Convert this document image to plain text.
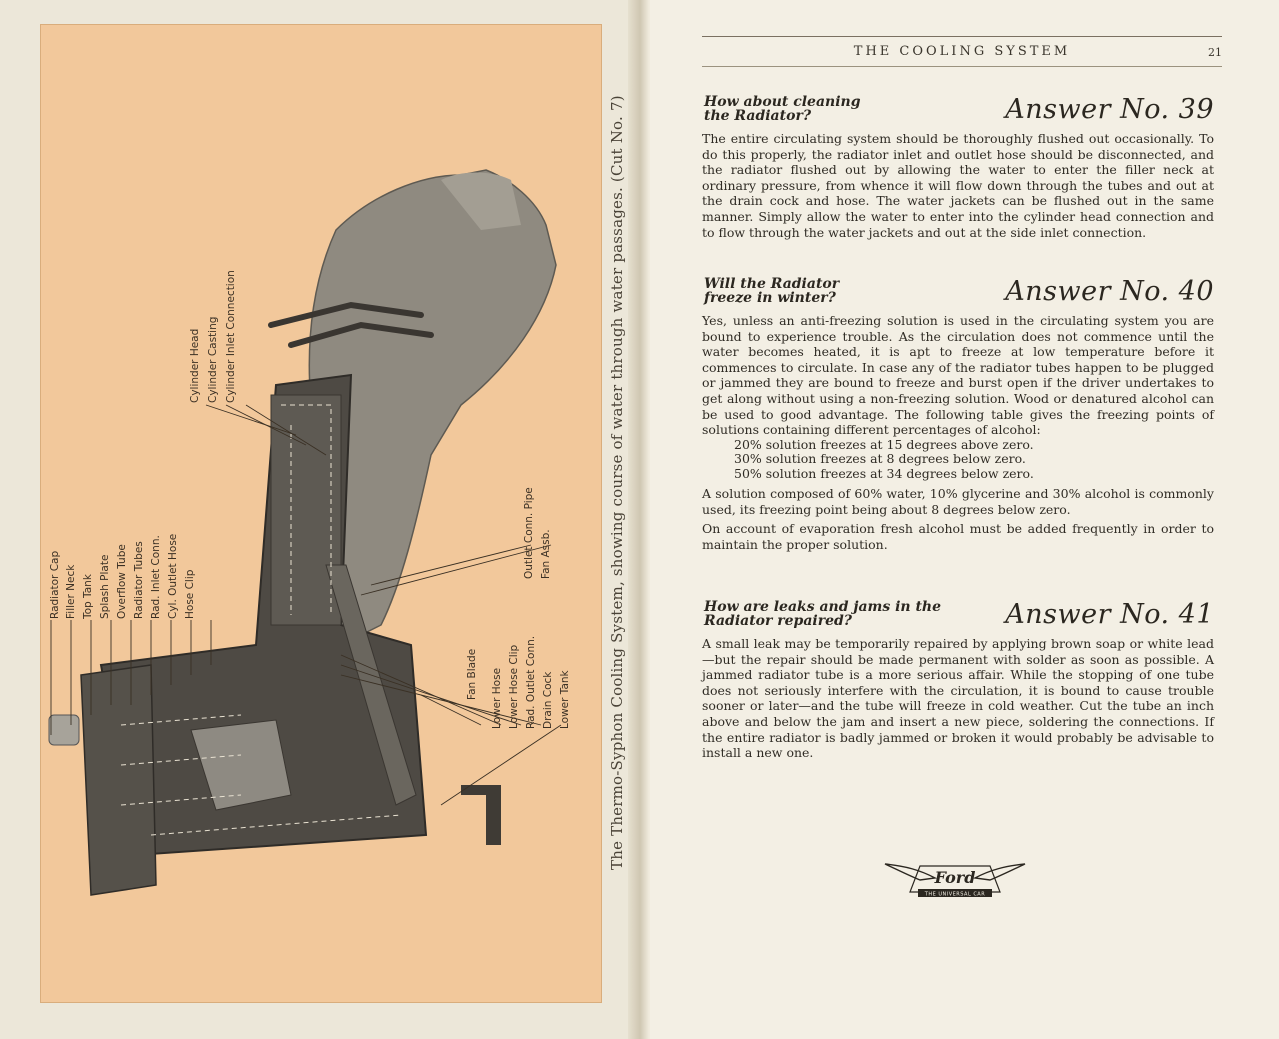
Radiator Cap Filler Neck Top Tank Splash Plate Overflow Tube Radiator Tubes Rad. Inlet Conn. Cyl. Outlet Hose Hose Clip
Cylinder Head Cylinder Casting Cylinder Inlet Connection
Fan Blade Lower Hose Lower Hose Clip Rad. Outlet Conn. Drain Cock Lower Tank
Outlet Conn. Pipe Fan Assb.	The Thermo-Syphon Cooling System, showing course of water through water passages. (Cut No. 7)
THE COOLING SYSTEM	21
How about cleaning
the Radiator?	Answer No. 39

The entire circulating system should be thoroughly flushed out occasionally. To do this properly, the radiator inlet and outlet hose should be disconnected, and the radiator flushed out by allowing the water to enter the filler neck at ordinary pressure, from whence it will flow down through the tubes and out at the drain cock and hose. The water jackets can be flushed out in the same manner. Simply allow the water to enter into the cylinder head connection and to flow through the water jackets and out at the side inlet connection.

Will the Radiator
freeze in winter?	Answer No. 40

Yes, unless an anti-freezing solution is used in the circulating system you are bound to experience trouble. As the circulation does not commence until the water becomes heated, it is apt to freeze at low temperature before it commences to circulate. In case any of the radiator tubes happen to be plugged or jammed they are bound to freeze and burst open if the driver undertakes to get along without using a non-freezing solution. Wood or denatured alcohol can be used to good advantage. The following table gives the freezing points of solutions containing different percentages of alcohol:

20% solution freezes at 15 degrees above zero.
30% solution freezes at 8 degrees below zero.
50% solution freezes at 34 degrees below zero.

A solution composed of 60% water, 10% glycerine and 30% alcohol is commonly used, its freezing point being about 8 degrees below zero.

On account of evaporation fresh alcohol must be added frequently in order to maintain the proper solution.

How are leaks and jams in the
Radiator repaired?	Answer No. 41

A small leak may be temporarily repaired by applying brown soap or white lead—but the repair should be made permanent with solder as soon as possible. A jammed radiator tube is a more serious affair. While the stopping of one tube does not seriously interfere with the circulation, it is bound to cause trouble sooner or later—and the tube will freeze in cold weather. Cut the tube an inch above and below the jam and insert a new piece, soldering the connections. If the entire radiator is badly jammed or broken it would probably be advisable to install a new one.

Ford
THE UNIVERSAL CAR
